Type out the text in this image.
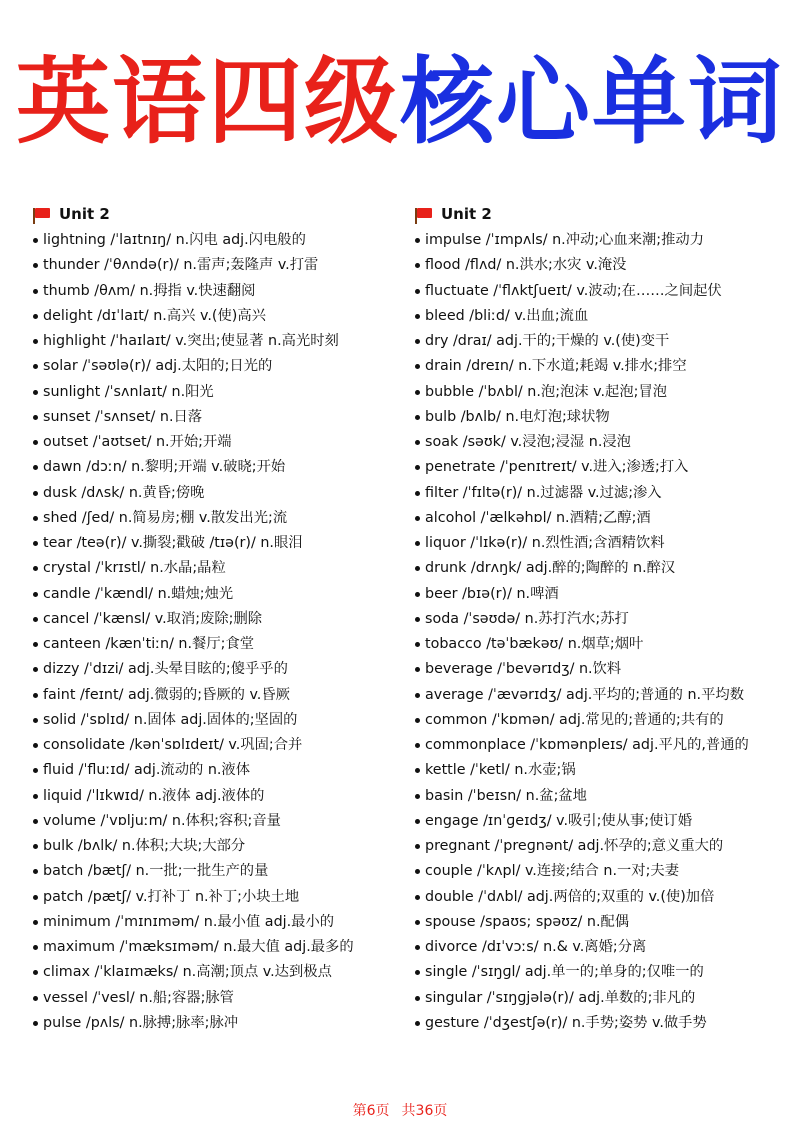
英语四级核心单词
Unit 2
lightning /ˈlaɪtnɪŋ/ n.闪电 adj.闪电般的
thunder /ˈθʌndə(r)/ n.雷声;轰隆声 v.打雷
thumb /θʌm/ n.拇指 v.快速翻阅
delight /dɪˈlaɪt/ n.高兴 v.(使)高兴
highlight /ˈhaɪlaɪt/ v.突出;使显著 n.高光时刻
solar /ˈsəʊlə(r)/ adj.太阳的;日光的
sunlight /ˈsʌnlaɪt/ n.阳光
sunset /ˈsʌnset/ n.日落
outset /ˈaʊtset/ n.开始;开端
dawn /dɔːn/ n.黎明;开端 v.破晓;开始
dusk /dʌsk/ n.黄昏;傍晚
shed /ʃed/ n.简易房;棚 v.散发出光;流
tear /teə(r)/ v.撕裂;戳破 /tɪə(r)/ n.眼泪
crystal /ˈkrɪstl/ n.水晶;晶粒
candle /ˈkændl/ n.蜡烛;烛光
cancel /ˈkænsl/ v.取消;废除;删除
canteen /kænˈtiːn/ n.餐厅;食堂
dizzy /ˈdɪzi/ adj.头晕目眩的;傻乎乎的
faint /feɪnt/ adj.微弱的;昏厥的 v.昏厥
solid /ˈsɒlɪd/ n.固体 adj.固体的;坚固的
consolidate /kənˈsɒlɪdeɪt/ v.巩固;合并
fluid /ˈfluːɪd/ adj.流动的 n.液体
liquid /ˈlɪkwɪd/ n.液体 adj.液体的
volume /ˈvɒljuːm/ n.体积;容积;音量
bulk /bʌlk/ n.体积;大块;大部分
batch /bætʃ/ n.一批;一批生产的量
patch /pætʃ/ v.打补丁 n.补丁;小块土地
minimum /ˈmɪnɪməm/ n.最小值 adj.最小的
maximum /ˈmæksɪməm/ n.最大值 adj.最多的
climax /ˈklaɪmæks/ n.高潮;顶点 v.达到极点
vessel /ˈvesl/ n.船;容器;脉管
pulse /pʌls/ n.脉搏;脉率;脉冲
Unit 2
impulse /ˈɪmpʌls/ n.冲动;心血来潮;推动力
flood /flʌd/ n.洪水;水灾 v.淹没
fluctuate /ˈflʌktʃueɪt/ v.波动;在……之间起伏
bleed /bliːd/ v.出血;流血
dry /draɪ/ adj.干的;干燥的 v.(使)变干
drain /dreɪn/ n.下水道;耗竭 v.排水;排空
bubble /ˈbʌbl/ n.泡;泡沫 v.起泡;冒泡
bulb /bʌlb/ n.电灯泡;球状物
soak /səʊk/ v.浸泡;浸湿 n.浸泡
penetrate /ˈpenɪtreɪt/ v.进入;渗透;打入
filter /ˈfɪltə(r)/ n.过滤器 v.过滤;渗入
alcohol /ˈælkəhɒl/ n.酒精;乙醇;酒
liquor /ˈlɪkə(r)/ n.烈性酒;含酒精饮料
drunk /drʌŋk/ adj.醉的;陶醉的 n.醉汉
beer /bɪə(r)/ n.啤酒
soda /ˈsəʊdə/ n.苏打汽水;苏打
tobacco /təˈbækəʊ/ n.烟草;烟叶
beverage /ˈbevərɪdʒ/ n.饮料
average /ˈævərɪdʒ/ adj.平均的;普通的 n.平均数
common /ˈkɒmən/ adj.常见的;普通的;共有的
commonplace /ˈkɒmənpleɪs/ adj.平凡的,普通的
kettle /ˈketl/ n.水壶;锅
basin /ˈbeɪsn/ n.盆;盆地
engage /ɪnˈɡeɪdʒ/ v.吸引;使从事;使订婚
pregnant /ˈpreɡnənt/ adj.怀孕的;意义重大的
couple /ˈkʌpl/ v.连接;结合 n.一对;夫妻
double /ˈdʌbl/ adj.两倍的;双重的 v.(使)加倍
spouse /spaʊs; spəʊz/ n.配偶
divorce /dɪˈvɔːs/ n.& v.离婚;分离
single /ˈsɪŋɡl/ adj.单一的;单身的;仅唯一的
singular /ˈsɪŋɡjələ(r)/ adj.单数的;非凡的
gesture /ˈdʒestʃə(r)/ n.手势;姿势 v.做手势
第6页 共36页
